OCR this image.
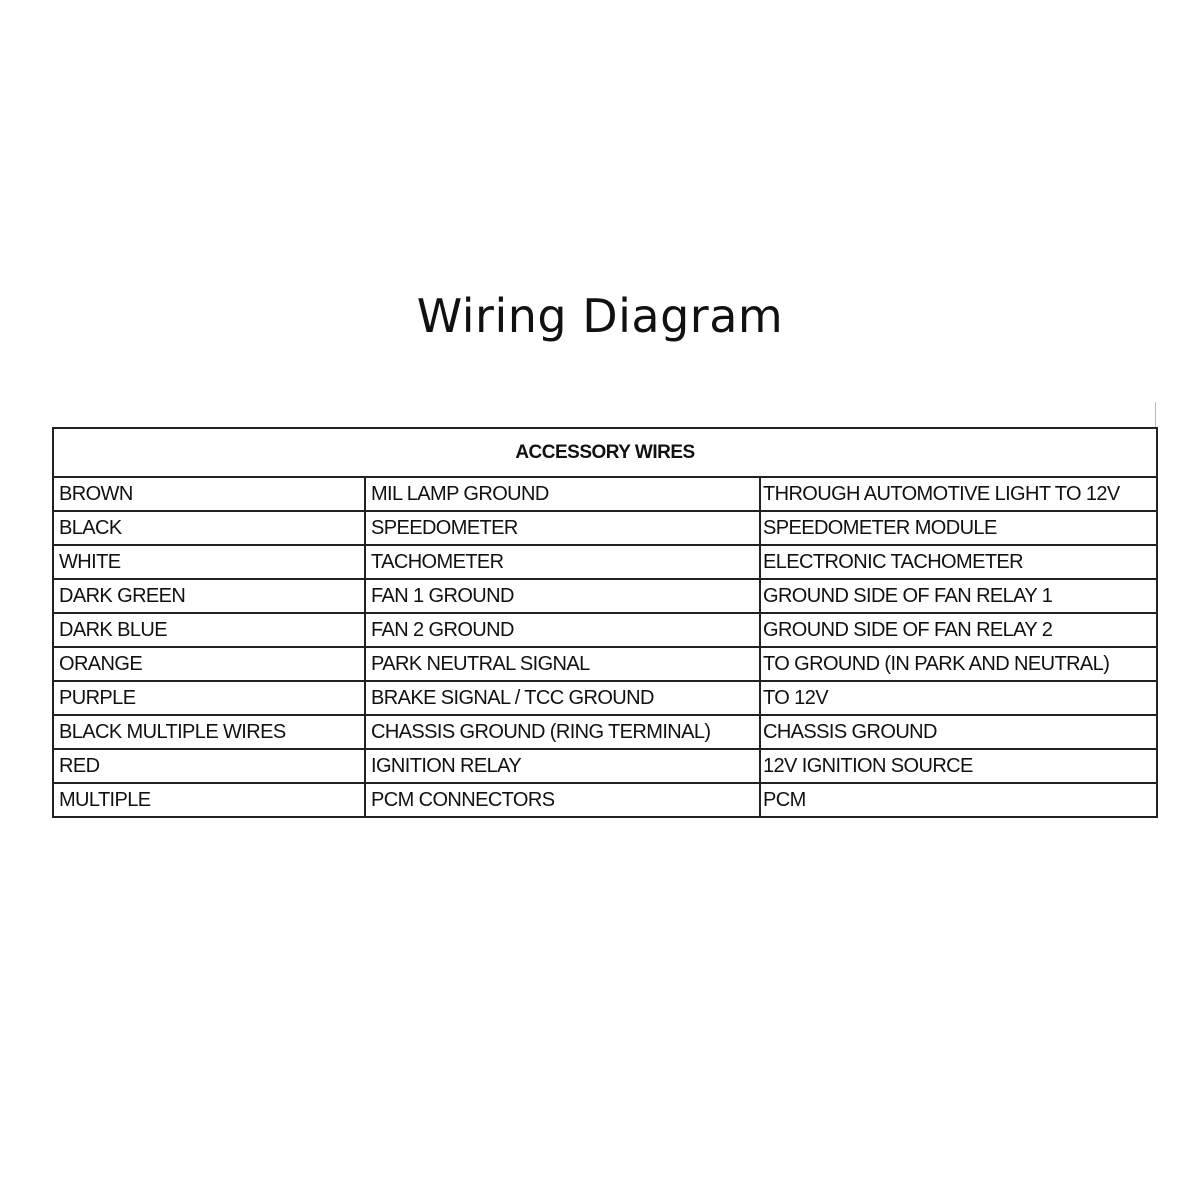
Wiring Diagram
ACCESSORY WIRES		
BROWN	MIL LAMP GROUND	THROUGH AUTOMOTIVE LIGHT TO 12V
BLACK	SPEEDOMETER	SPEEDOMETER MODULE
WHITE	TACHOMETER	ELECTRONIC TACHOMETER
DARK GREEN	FAN 1 GROUND	GROUND SIDE OF FAN RELAY 1
DARK BLUE	FAN 2 GROUND	GROUND SIDE OF FAN RELAY 2
ORANGE	PARK NEUTRAL SIGNAL	TO GROUND (IN PARK AND NEUTRAL)
PURPLE	BRAKE SIGNAL / TCC GROUND	TO 12V
BLACK MULTIPLE WIRES	CHASSIS GROUND (RING TERMINAL)	CHASSIS GROUND
RED	IGNITION RELAY	12V IGNITION SOURCE
MULTIPLE	PCM CONNECTORS	PCM
